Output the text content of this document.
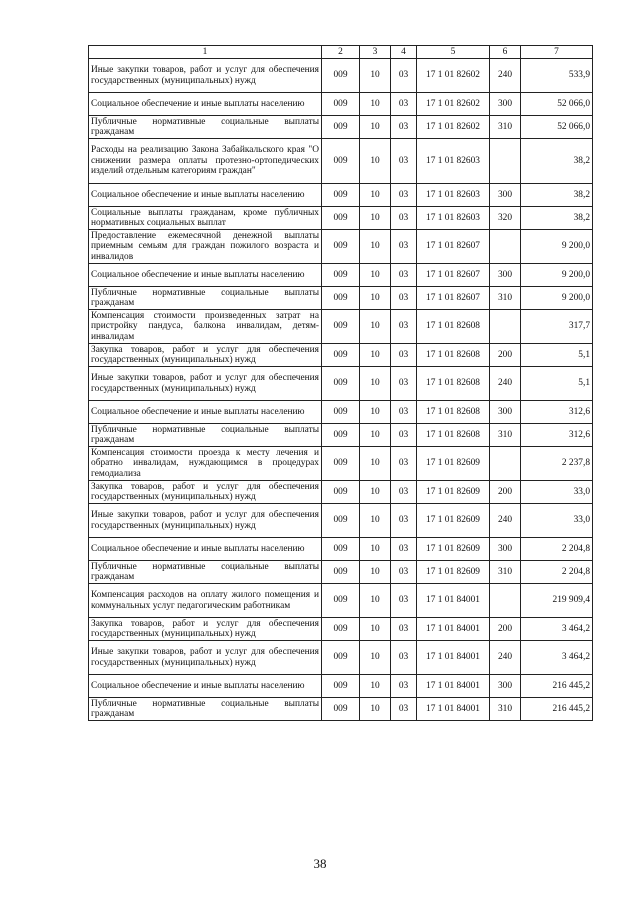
1	2	3	4	5	6	7
Иные закупки товаров, работ и услуг для обеспечения государственных (муниципальных) нужд	009	10	03	17 1 01 82602	240	533,9
Социальное обеспечение и иные выплаты населению	009	10	03	17 1 01 82602	300	52 066,0
Публичные нормативные социальные выплаты гражданам	009	10	03	17 1 01 82602	310	52 066,0
Расходы на реализацию Закона Забайкальского края "О снижении размера оплаты протезно-ортопедических изделий отдельным категориям граждан"	009	10	03	17 1 01 82603		38,2
Социальное обеспечение и иные выплаты населению	009	10	03	17 1 01 82603	300	38,2
Социальные выплаты гражданам, кроме публичных нормативных социальных выплат	009	10	03	17 1 01 82603	320	38,2
Предоставление ежемесячной денежной выплаты приемным семьям для граждан пожилого возраста и инвалидов	009	10	03	17 1 01 82607		9 200,0
Социальное обеспечение и иные выплаты населению	009	10	03	17 1 01 82607	300	9 200,0
Публичные нормативные социальные выплаты гражданам	009	10	03	17 1 01 82607	310	9 200,0
Компенсация стоимости произведенных затрат на пристройку пандуса, балкона инвалидам, детям-инвалидам	009	10	03	17 1 01 82608		317,7
Закупка товаров, работ и услуг для обеспечения государственных (муниципальных) нужд	009	10	03	17 1 01 82608	200	5,1
Иные закупки товаров, работ и услуг для обеспечения государственных (муниципальных) нужд	009	10	03	17 1 01 82608	240	5,1
Социальное обеспечение и иные выплаты населению	009	10	03	17 1 01 82608	300	312,6
Публичные нормативные социальные выплаты гражданам	009	10	03	17 1 01 82608	310	312,6
Компенсация стоимости проезда к месту лечения и обратно инвалидам, нуждающимся в процедурах гемодиализа	009	10	03	17 1 01 82609		2 237,8
Закупка товаров, работ и услуг для обеспечения государственных (муниципальных) нужд	009	10	03	17 1 01 82609	200	33,0
Иные закупки товаров, работ и услуг для обеспечения государственных (муниципальных) нужд	009	10	03	17 1 01 82609	240	33,0
Социальное обеспечение и иные выплаты населению	009	10	03	17 1 01 82609	300	2 204,8
Публичные нормативные социальные выплаты гражданам	009	10	03	17 1 01 82609	310	2 204,8
Компенсация расходов на оплату жилого помещения и коммунальных услуг педагогическим работникам	009	10	03	17 1 01 84001		219 909,4
Закупка товаров, работ и услуг для обеспечения государственных (муниципальных) нужд	009	10	03	17 1 01 84001	200	3 464,2
Иные закупки товаров, работ и услуг для обеспечения государственных (муниципальных) нужд	009	10	03	17 1 01 84001	240	3 464,2
Социальное обеспечение и иные выплаты населению	009	10	03	17 1 01 84001	300	216 445,2
Публичные нормативные социальные выплаты гражданам	009	10	03	17 1 01 84001	310	216 445,2
38
